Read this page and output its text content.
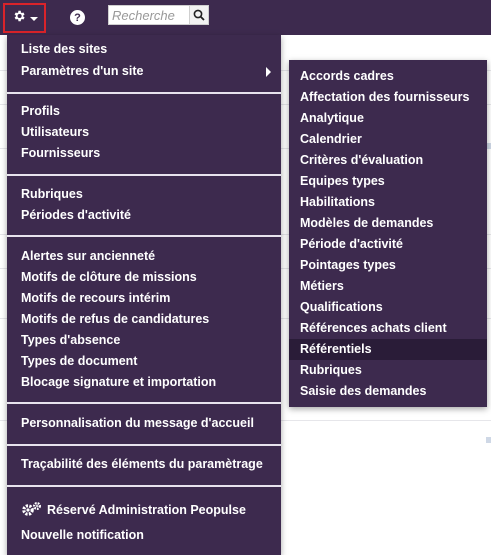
?
Recherche
Liste des sites
Paramètres d'un site
Profils
Utilisateurs
Fournisseurs
Rubriques
Périodes d'activité
Alertes sur ancienneté
Motifs de clôture de missions
Motifs de recours intérim
Motifs de refus de candidatures
Types d'absence
Types de document
Blocage signature et importation
Personnalisation du message d'accueil
Traçabilité des éléments du paramètrage
Réservé Administration Peopulse
Nouvelle notification
Accords cadres
Affectation des fournisseurs
Analytique
Calendrier
Critères d'évaluation
Equipes types
Habilitations
Modèles de demandes
Période d'activité
Pointages types
Métiers
Qualifications
Références achats client
Référentiels
Rubriques
Saisie des demandes
